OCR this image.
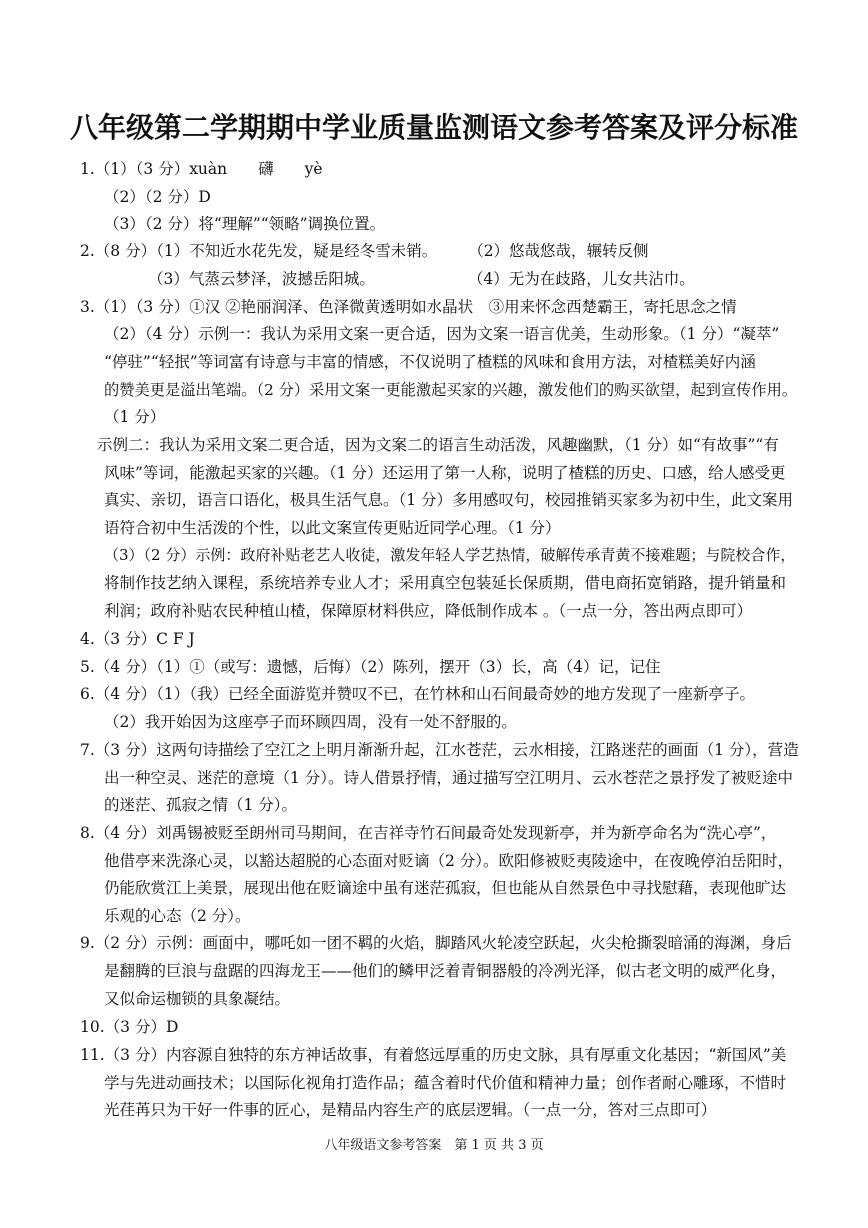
八年级第二学期期中学业质量监测语文参考答案及评分标准
1.（1）（3 分）xuàn　　礴　　yè
（2）（2 分）D
（3）（2 分）将“理解”“领略”调换位置。
2.（8 分）（1）不知近水花先发，疑是经冬雪未销。　　　（2）悠哉悠哉，辗转反侧
（3）气蒸云梦泽，波撼岳阳城。　　　　　　　（4）无为在歧路，儿女共沾巾。
3.（1）（3 分）①汉 ②艳丽润泽、色泽微黄透明如水晶状　③用来怀念西楚霸王，寄托思念之情
（2）（4 分）示例一：我认为采用文案一更合适，因为文案一语言优美，生动形象。（1 分）“凝萃”
“停驻”“轻抿”等词富有诗意与丰富的情感，不仅说明了楂糕的风味和食用方法，对楂糕美好内涵
的赞美更是溢出笔端。（2 分）采用文案一更能激起买家的兴趣，激发他们的购买欲望，起到宣传作用。
（1 分）
示例二：我认为采用文案二更合适，因为文案二的语言生动活泼，风趣幽默，（1 分）如“有故事”“有
风味”等词，能激起买家的兴趣。（1 分）还运用了第一人称，说明了楂糕的历史、口感，给人感受更
真实、亲切，语言口语化，极具生活气息。（1 分）多用感叹句，校园推销买家多为初中生，此文案用
语符合初中生活泼的个性，以此文案宣传更贴近同学心理。（1 分）
（3）（2 分）示例：政府补贴老艺人收徒，激发年轻人学艺热情，破解传承青黄不接难题；与院校合作，
将制作技艺纳入课程，系统培养专业人才；采用真空包装延长保质期，借电商拓宽销路，提升销量和
利润；政府补贴农民种植山楂，保障原材料供应，降低制作成本 。（一点一分，答出两点即可）
4.（3 分）C F J
5.（4 分）（1）①（或写：遗憾，后悔）（2）陈列，摆开（3）长，高（4）记，记住
6.（4 分）（1）（我）已经全面游览并赞叹不已，在竹林和山石间最奇妙的地方发现了一座新亭子。
（2）我开始因为这座亭子而环顾四周，没有一处不舒服的。
7.（3 分）这两句诗描绘了空江之上明月渐渐升起，江水苍茫，云水相接，江路迷茫的画面（1 分），营造
出一种空灵、迷茫的意境（1 分）。诗人借景抒情，通过描写空江明月、云水苍茫之景抒发了被贬途中
的迷茫、孤寂之情（1 分）。
8.（4 分）刘禹锡被贬至朗州司马期间，在吉祥寺竹石间最奇处发现新亭，并为新亭命名为“洗心亭”，
他借亭来洗涤心灵，以豁达超脱的心态面对贬谪（2 分）。欧阳修被贬夷陵途中，在夜晚停泊岳阳时，
仍能欣赏江上美景，展现出他在贬谪途中虽有迷茫孤寂，但也能从自然景色中寻找慰藉，表现他旷达
乐观的心态（2 分）。
9.（2 分）示例：画面中，哪吒如一团不羁的火焰，脚踏风火轮凌空跃起，火尖枪撕裂暗涌的海渊，身后
是翻腾的巨浪与盘踞的四海龙王——他们的鳞甲泛着青铜器般的冷冽光泽，似古老文明的威严化身，
又似命运枷锁的具象凝结。
10.（3 分）D
11.（3 分）内容源自独特的东方神话故事，有着悠远厚重的历史文脉，具有厚重文化基因；“新国风”美
学与先进动画技术；以国际化视角打造作品；蕴含着时代价值和精神力量；创作者耐心雕琢，不惜时
光荏苒只为干好一件事的匠心，是精品内容生产的底层逻辑。（一点一分，答对三点即可）
八年级语文参考答案　第 1 页 共 3 页
